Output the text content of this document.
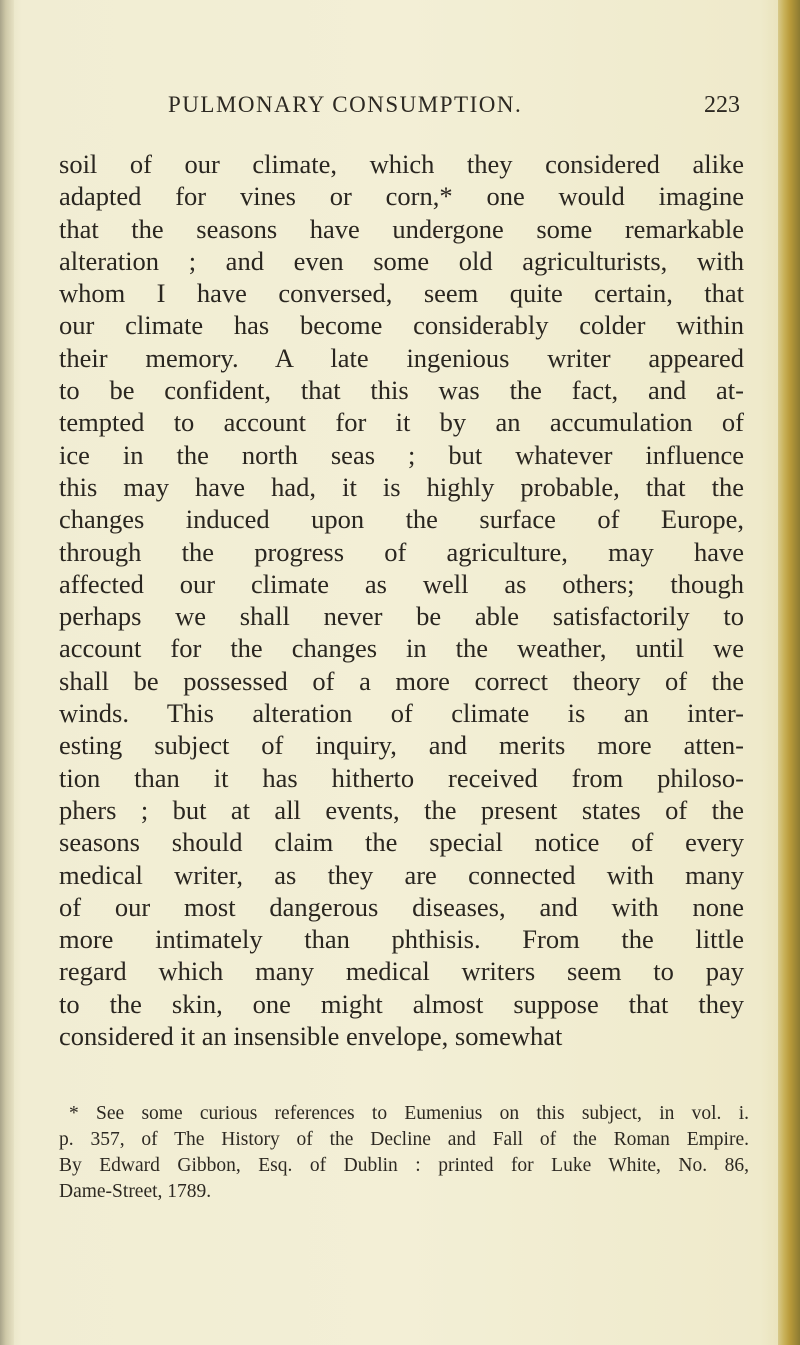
PULMONARY CONSUMPTION.	223
soil of our climate, which they considered alike
adapted for vines or corn,* one would imagine
that the seasons have undergone some remarkable
alteration ; and even some old agriculturists, with
whom I have conversed, seem quite certain, that
our climate has become considerably colder within
their memory. A late ingenious writer appeared
to be confident, that this was the fact, and at-
tempted to account for it by an accumulation of
ice in the north seas ; but whatever influence
this may have had, it is highly probable, that the
changes induced upon the surface of Europe,
through the progress of agriculture, may have
affected our climate as well as others; though
perhaps we shall never be able satisfactorily to
account for the changes in the weather, until we
shall be possessed of a more correct theory of the
winds. This alteration of climate is an inter-
esting subject of inquiry, and merits more atten-
tion than it has hitherto received from philoso-
phers ; but at all events, the present states of the
seasons should claim the special notice of every
medical writer, as they are connected with many
of our most dangerous diseases, and with none
more intimately than phthisis. From the little
regard which many medical writers seem to pay
to the skin, one might almost suppose that they
considered it an insensible envelope, somewhat
* See some curious references to Eumenius on this subject, in vol. i.
p. 357, of The History of the Decline and Fall of the Roman Empire.
By Edward Gibbon, Esq. of Dublin : printed for Luke White, No. 86,
Dame-Street, 1789.
